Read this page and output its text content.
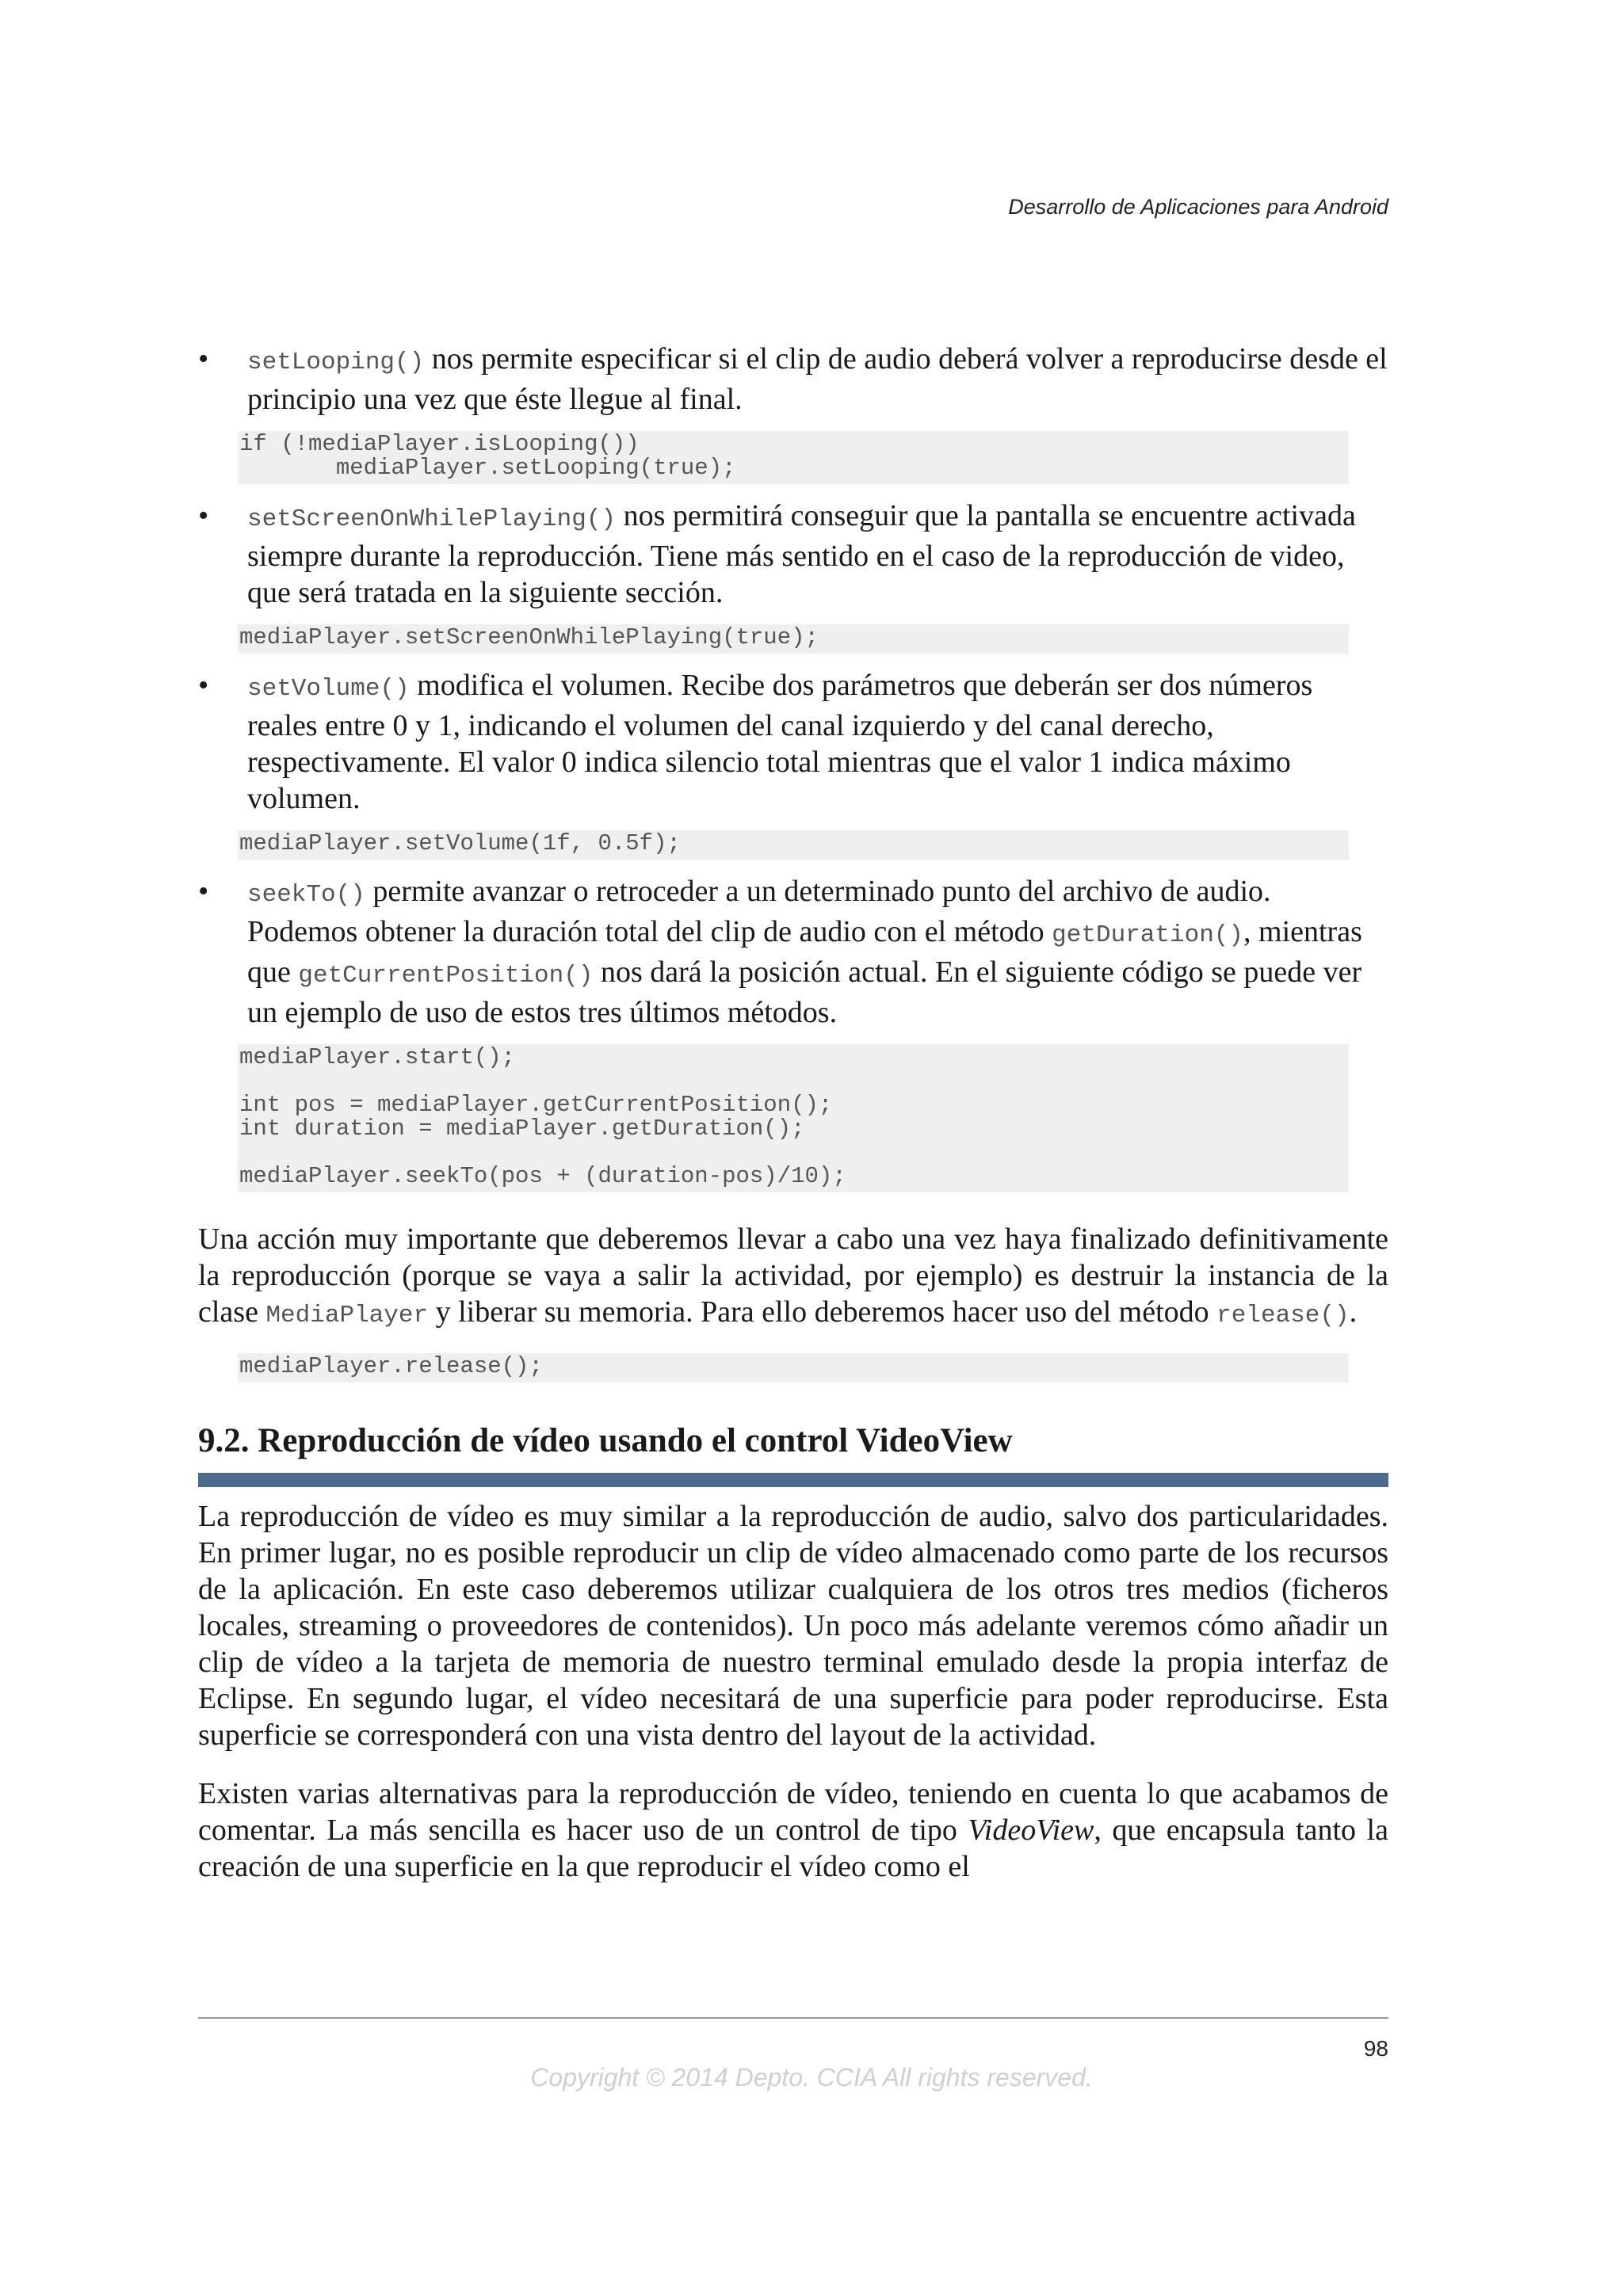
Desarrollo de Aplicaciones para Android
• setLooping() nos permite especificar si el clip de audio deberá volver a reproducirse desde el principio una vez que éste llegue al final.
if (!mediaPlayer.isLooping())
mediaPlayer.setLooping(true);
• setScreenOnWhilePlaying() nos permitirá conseguir que la pantalla se encuentre activada siempre durante la reproducción. Tiene más sentido en el caso de la reproducción de video, que será tratada en la siguiente sección.
mediaPlayer.setScreenOnWhilePlaying(true);
• setVolume() modifica el volumen. Recibe dos parámetros que deberán ser dos números reales entre 0 y 1, indicando el volumen del canal izquierdo y del canal derecho, respectivamente. El valor 0 indica silencio total mientras que el valor 1 indica máximo volumen.
mediaPlayer.setVolume(1f, 0.5f);
• seekTo() permite avanzar o retroceder a un determinado punto del archivo de audio. Podemos obtener la duración total del clip de audio con el método getDuration(), mientras que getCurrentPosition() nos dará la posición actual. En el siguiente código se puede ver un ejemplo de uso de estos tres últimos métodos.
mediaPlayer.start();
int pos = mediaPlayer.getCurrentPosition();
int duration = mediaPlayer.getDuration();
mediaPlayer.seekTo(pos + (duration-pos)/10);

Una acción muy importante que deberemos llevar a cabo una vez haya finalizado definitivamente la reproducción (porque se vaya a salir la actividad, por ejemplo) es destruir la instancia de la clase MediaPlayer y liberar su memoria. Para ello deberemos hacer uso del método release().

mediaPlayer.release();
9.2. Reproducción de vídeo usando el control VideoView

La reproducción de vídeo es muy similar a la reproducción de audio, salvo dos particularidades. En primer lugar, no es posible reproducir un clip de vídeo almacenado como parte de los recursos de la aplicación. En este caso deberemos utilizar cualquiera de los otros tres medios (ficheros locales, streaming o proveedores de contenidos). Un poco más adelante veremos cómo añadir un clip de vídeo a la tarjeta de memoria de nuestro terminal emulado desde la propia interfaz de Eclipse. En segundo lugar, el vídeo necesitará de una superficie para poder reproducirse. Esta superficie se corresponderá con una vista dentro del layout de la actividad.

Existen varias alternativas para la reproducción de vídeo, teniendo en cuenta lo que acabamos de comentar. La más sencilla es hacer uso de un control de tipo VideoView, que encapsula tanto la creación de una superficie en la que reproducir el vídeo como el

98
Copyright © 2014 Depto. CCIA All rights reserved.
